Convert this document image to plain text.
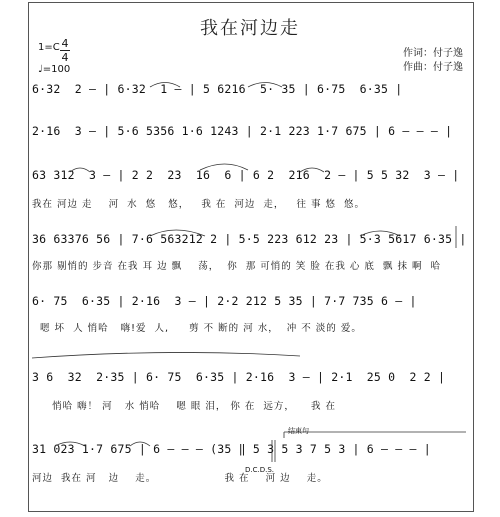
我在河边走
1=C 4
4
♩=100
作词：付子逸
作曲：付子逸
6·32  2 – | 6·32  1 – | 5 6216  5· 35 | 6·75  6·35 |
2·16  3 – | 5·6 5356 1·6 1243 | 2·1 223 1·7 675 | 6 – – – |
63 312  3 – | 2 2  23  16  6 | 6 2  216  2 – | 5 5 32  3 – |
我在 河边 走    河  水  悠   悠，   我 在  河边  走，   往 事 悠  悠。
36 63376 56 | 7·6 563212 2 | 5·5 223 612 23 | 5·3 5617 6·35 |
你那 剔悄的 步音 在我 耳 边 飘    荡，  你  那 可悄的 笑 脸 在我 心 底  飘 抹 啊  哈
6· 75  6·35 | 2·16  3 – | 2·2 212 5 35 | 7·7 735 6 – |
嗯 坏  人 悄哈   嗨!爱  人,     剪 不 断的 河 水，  冲 不 淡的 爱。
3 6  32  2·35 | 6· 75  6·35 | 2·16  3 – | 2·1  25 0  2 2 |
悄哈 嗨！ 河   水 悄哈    嗯 眼 泪， 你 在  远方，    我 在
31 023 1·7 675 | 6 – – – (35 ‖ 5 3 5 3 7 5 3 | 6 – – – |
河边  我在 河   边    走。                 我 在    河 边    走。
D.C.D.S.
结束句
